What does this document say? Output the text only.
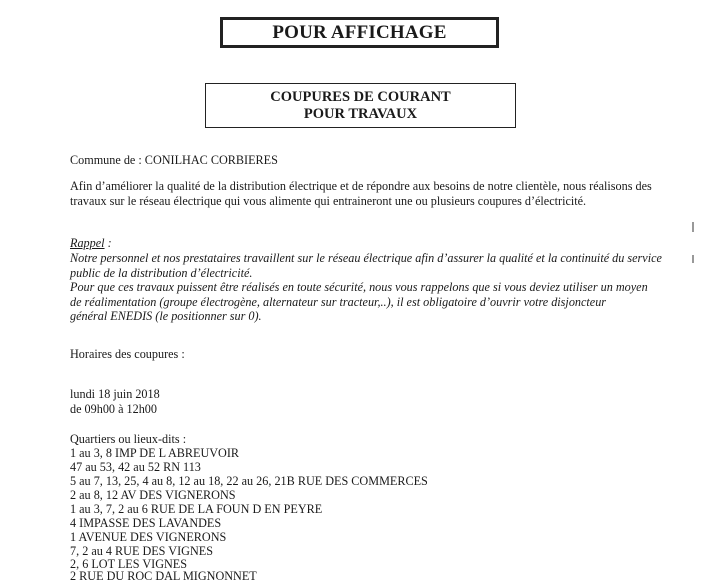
POUR AFFICHAGE
COUPURES DE COURANT
POUR TRAVAUX
Commune de : CONILHAC CORBIERES
Afin d’améliorer la qualité de la distribution électrique et de répondre aux besoins de notre clientèle, nous réalisons des
travaux sur le réseau électrique qui vous alimente qui entraineront une ou plusieurs coupures d’électricité.
Rappel :
Notre personnel et nos prestataires travaillent sur le réseau électrique afin d’assurer la qualité et la continuité du service
public de la distribution d’électricité.
Pour que ces travaux puissent être réalisés en toute sécurité, nous vous rappelons que si vous deviez utiliser un moyen
de réalimentation (groupe électrogène, alternateur sur tracteur,..), il est obligatoire d’ouvrir votre disjoncteur
général ENEDIS (le positionner sur 0).
Horaires des coupures :
lundi 18 juin 2018
de 09h00 à 12h00
Quartiers ou lieux-dits :
1 au 3, 8 IMP DE L ABREUVOIR
47 au 53, 42 au 52 RN 113
5 au 7, 13, 25, 4 au 8, 12 au 18, 22 au 26, 21B RUE DES COMMERCES
2 au 8, 12 AV DES VIGNERONS
1 au 3, 7, 2 au 6 RUE DE LA FOUN D EN PEYRE
4 IMPASSE DES LAVANDES
1 AVENUE DES VIGNERONS
7, 2 au 4 RUE DES VIGNES
2, 6 LOT LES VIGNES
2 RUE DU ROC DAL MIGNONNET
